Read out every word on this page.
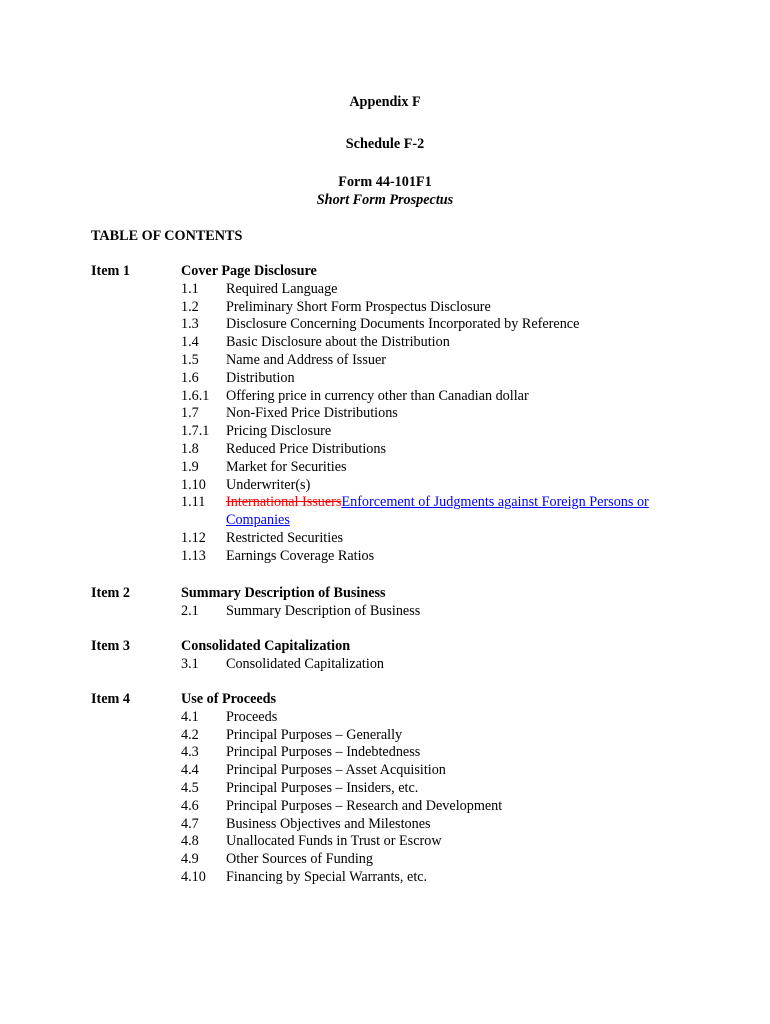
Appendix F
Schedule F-2
Form 44-101F1
Short Form Prospectus
TABLE OF CONTENTS
Item 1	Cover Page Disclosure
1.1 Required Language
1.2 Preliminary Short Form Prospectus Disclosure
1.3 Disclosure Concerning Documents Incorporated by Reference
1.4 Basic Disclosure about the Distribution
1.5 Name and Address of Issuer
1.6 Distribution
1.6.1 Offering price in currency other than Canadian dollar
1.7 Non-Fixed Price Distributions
1.7.1 Pricing Disclosure
1.8 Reduced Price Distributions
1.9 Market for Securities
1.10 Underwriter(s)
1.11 International IssuersEnforcement of Judgments against Foreign Persons or Companies
1.12 Restricted Securities
1.13 Earnings Coverage Ratios
Item 2	Summary Description of Business
2.1 Summary Description of Business
Item 3	Consolidated Capitalization
3.1 Consolidated Capitalization
Item 4	Use of Proceeds
4.1 Proceeds
4.2 Principal Purposes – Generally
4.3 Principal Purposes – Indebtedness
4.4 Principal Purposes – Asset Acquisition
4.5 Principal Purposes – Insiders, etc.
4.6 Principal Purposes – Research and Development
4.7 Business Objectives and Milestones
4.8 Unallocated Funds in Trust or Escrow
4.9 Other Sources of Funding
4.10 Financing by Special Warrants, etc.
